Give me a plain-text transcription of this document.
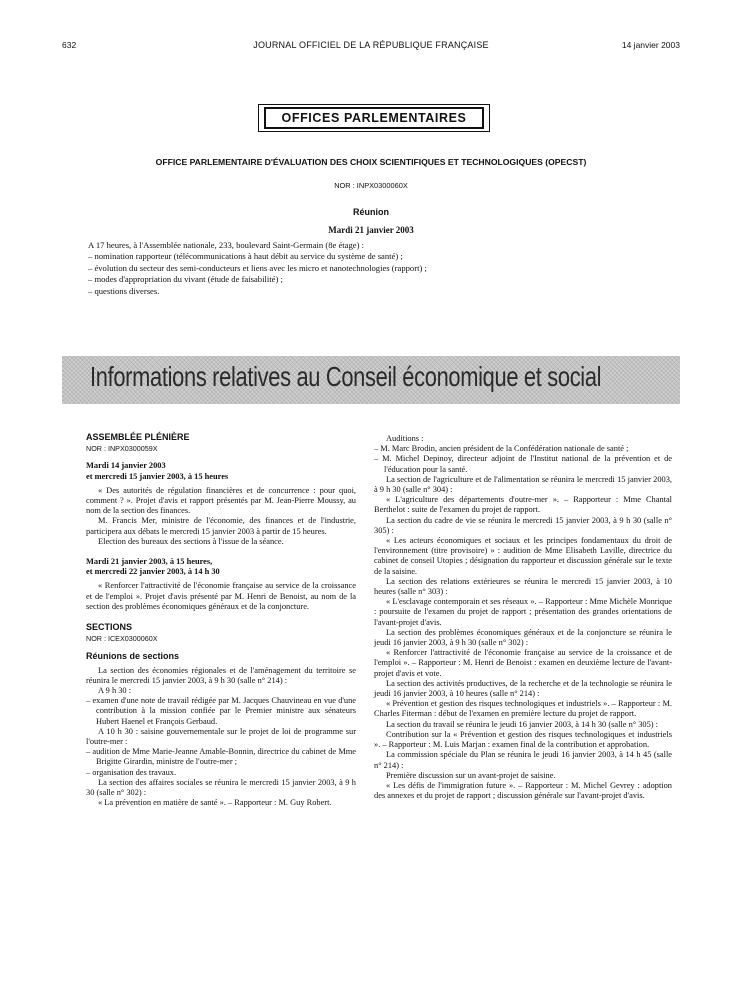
632	JOURNAL OFFICIEL DE LA RÉPUBLIQUE FRANÇAISE	14 janvier 2003
OFFICES PARLEMENTAIRES
OFFICE PARLEMENTAIRE D'ÉVALUATION DES CHOIX SCIENTIFIQUES ET TECHNOLOGIQUES (OPECST)
NOR : INPX0300060X
Réunion
Mardi 21 janvier 2003

A 17 heures, à l'Assemblée nationale, 233, boulevard Saint-Germain (8e étage) :

– nomination rapporteur (télécommunications à haut débit au service du système de santé) ;

– évolution du secteur des semi-conducteurs et liens avec les micro et nanotechnologies (rapport) ;

– modes d'appropriation du vivant (étude de faisabilité) ;

– questions diverses.

Informations relatives au Conseil économique et social

ASSEMBLÉE PLÉNIÈRE

NOR : INPX0300059X

Mardi 14 janvier 2003

et mercredi 15 janvier 2003, à 15 heures

« Des autorités de régulation financières et de concurrence : pour quoi, comment ? ». Projet d'avis et rapport présentés par M. Jean-Pierre Moussy, au nom de la section des finances.

M. Francis Mer, ministre de l'économie, des finances et de l'industrie, participera aux débats le mercredi 15 janvier 2003 à partir de 15 heures.

Election des bureaux des sections à l'issue de la séance.

Mardi 21 janvier 2003, à 15 heures,

et mercredi 22 janvier 2003, à 14 h 30

« Renforcer l'attractivité de l'économie française au service de la croissance et de l'emploi ». Projet d'avis présenté par M. Henri de Benoist, au nom de la section des problèmes économiques généraux et de la conjoncture.

SECTIONS

NOR : ICEX0300060X

Réunions de sections

La section des économies régionales et de l'aménagement du territoire se réunira le mercredi 15 janvier 2003, à 9 h 30 (salle n° 214) :

A 9 h 30 :

– examen d'une note de travail rédigée par M. Jacques Chauvineau en vue d'une contribution à la mission confiée par le Premier ministre aux sénateurs Hubert Haenel et François Gerbaud.

A 10 h 30 : saisine gouvernementale sur le projet de loi de programme sur l'outre-mer :

– audition de Mme Marie-Jeanne Amable-Bonnin, directrice du cabinet de Mme Brigitte Girardin, ministre de l'outre-mer ;

– organisation des travaux.

La section des affaires sociales se réunira le mercredi 15 janvier 2003, à 9 h 30 (salle n° 302) :

« La prévention en matière de santé ». – Rapporteur : M. Guy Robert.

Auditions :

– M. Marc Brodin, ancien président de la Confédération nationale de santé ;

– M. Michel Depinoy, directeur adjoint de l'Institut national de la prévention et de l'éducation pour la santé.

La section de l'agriculture et de l'alimentation se réunira le mercredi 15 janvier 2003, à 9 h 30 (salle n° 304) :

« L'agriculture des départements d'outre-mer ». – Rapporteur : Mme Chantal Berthelot : suite de l'examen du projet de rapport.

La section du cadre de vie se réunira le mercredi 15 janvier 2003, à 9 h 30 (salle n° 305) :

« Les acteurs économiques et sociaux et les principes fondamentaux du droit de l'environnement (titre provisoire) » : audition de Mme Elisabeth Laville, directrice du cabinet de conseil Utopies ; désignation du rapporteur et discussion générale sur le texte de la saisine.

La section des relations extérieures se réunira le mercredi 15 janvier 2003, à 10 heures (salle n° 303) :

« L'esclavage contemporain et ses réseaux ». – Rapporteur : Mme Michèle Monrique : poursuite de l'examen du projet de rapport ; présentation des grandes orientations de l'avant-projet d'avis.

La section des problèmes économiques généraux et de la conjoncture se réunira le jeudi 16 janvier 2003, à 9 h 30 (salle n° 302) :

« Renforcer l'attractivité de l'économie française au service de la croissance et de l'emploi ». – Rapporteur : M. Henri de Benoist : examen en deuxième lecture de l'avant-projet d'avis et vote.

La section des activités productives, de la recherche et de la technologie se réunira le jeudi 16 janvier 2003, à 10 heures (salle n° 214) :

« Prévention et gestion des risques technologiques et industriels ». – Rapporteur : M. Charles Fiterman : début de l'examen en première lecture du projet de rapport.

La section du travail se réunira le jeudi 16 janvier 2003, à 14 h 30 (salle n° 305) :

Contribution sur la « Prévention et gestion des risques technologiques et industriels ». – Rapporteur : M. Luis Marjan : examen final de la contribution et approbation.

La commission spéciale du Plan se réunira le jeudi 16 janvier 2003, à 14 h 45 (salle n° 214) :

Première discussion sur un avant-projet de saisine.

« Les défis de l'immigration future ». – Rapporteur : M. Michel Gevrey : adoption des annexes et du projet de rapport ; discussion générale sur l'avant-projet d'avis.
